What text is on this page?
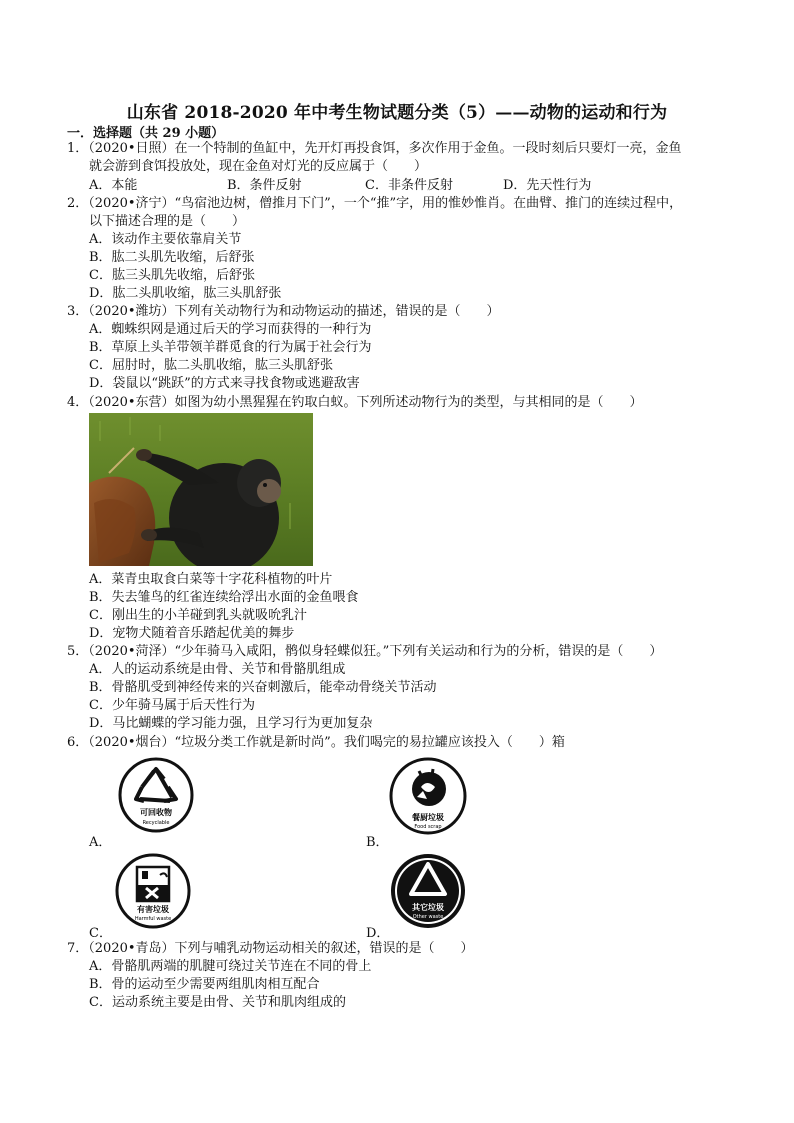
山东省 2018-2020 年中考生物试题分类（5）——动物的运动和行为
一．选择题（共 29 小题）
1．（2020•日照）在一个特制的鱼缸中，先开灯再投食饵，多次作用于金鱼。一段时刻后只要灯一亮，金鱼
就会游到食饵投放处，现在金鱼对灯光的反应属于（　　）
A．本能	B．条件反射	C．非条件反射	D．先天性行为
2．（2020•济宁）“鸟宿池边树，僧推月下门”，一个“推”字，用的惟妙惟肖。在曲臂、推门的连续过程中，
以下描述合理的是（　　）
A．该动作主要依靠肩关节
B．肱二头肌先收缩，后舒张
C．肱三头肌先收缩，后舒张
D．肱二头肌收缩，肱三头肌舒张
3．（2020•潍坊）下列有关动物行为和动物运动的描述，错误的是（　　）
A．蜘蛛织网是通过后天的学习而获得的一种行为
B．草原上头羊带领羊群觅食的行为属于社会行为
C．屈肘时，肱二头肌收缩，肱三头肌舒张
D．袋鼠以“跳跃”的方式来寻找食物或逃避敌害
4．（2020•东营）如图为幼小黑猩猩在钓取白蚁。下列所述动物行为的类型，与其相同的是（　　）
A．菜青虫取食白菜等十字花科植物的叶片
B．失去雏鸟的红雀连续给浮出水面的金鱼喂食
C．刚出生的小羊碰到乳头就吸吮乳汁
D．宠物犬随着音乐踏起优美的舞步
5．（2020•菏泽）“少年骑马入咸阳，鹘似身轻蝶似狂。”下列有关运动和行为的分析，错误的是（　　）
A．人的运动系统是由骨、关节和骨骼肌组成
B．骨骼肌受到神经传来的兴奋刺激后，能牵动骨绕关节活动
C．少年骑马属于后天性行为
D．马比蝴蝶的学习能力强，且学习行为更加复杂
6．（2020•烟台）“垃圾分类工作就是新时尚”。我们喝完的易拉罐应该投入（　　）箱
可回收物
Recyclable
A．
餐厨垃圾
Food scrap
B．
有害垃圾
Harmful waste
C．
其它垃圾
Other waste
D．
7．（2020•青岛）下列与哺乳动物运动相关的叙述，错误的是（　　）
A．骨骼肌两端的肌腱可绕过关节连在不同的骨上
B．骨的运动至少需要两组肌肉相互配合
C．运动系统主要是由骨、关节和肌肉组成的
